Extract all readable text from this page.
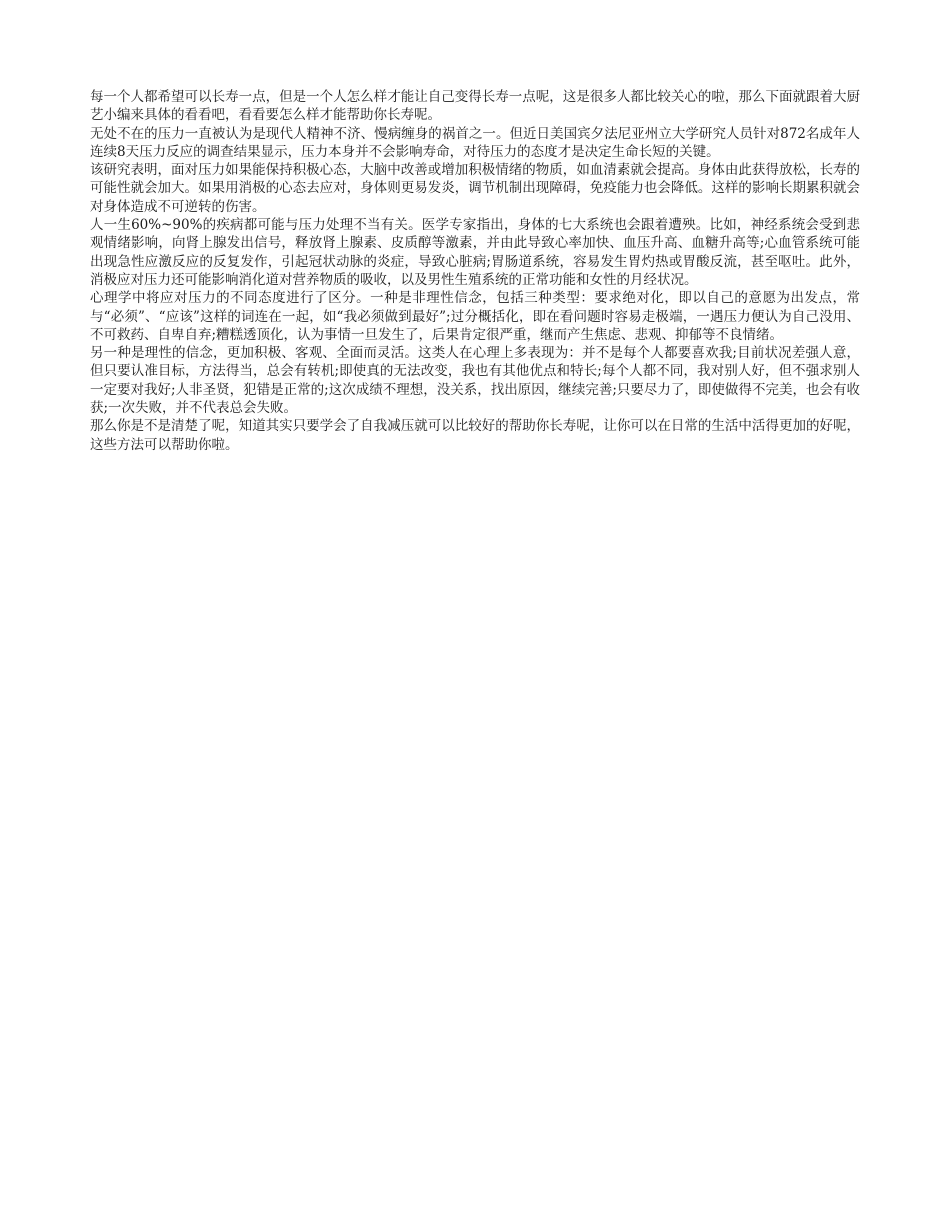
每一个人都希望可以长寿一点，但是一个人怎么样才能让自己变得长寿一点呢，这是很多人都比较关心的啦，那么下面就跟着大厨艺小编来具体的看看吧，看看要怎么样才能帮助你长寿呢。

无处不在的压力一直被认为是现代人精神不济、慢病缠身的祸首之一。但近日美国宾夕法尼亚州立大学研究人员针对872名成年人连续8天压力反应的调查结果显示，压力本身并不会影响寿命，对待压力的态度才是决定生命长短的关键。

该研究表明，面对压力如果能保持积极心态，大脑中改善或增加积极情绪的物质，如血清素就会提高。身体由此获得放松，长寿的可能性就会加大。如果用消极的心态去应对，身体则更易发炎，调节机制出现障碍，免疫能力也会降低。这样的影响长期累积就会对身体造成不可逆转的伤害。

人一生60%~90%的疾病都可能与压力处理不当有关。医学专家指出，身体的七大系统也会跟着遭殃。比如，神经系统会受到悲观情绪影响，向肾上腺发出信号，释放肾上腺素、皮质醇等激素，并由此导致心率加快、血压升高、血糖升高等;心血管系统可能出现急性应激反应的反复发作，引起冠状动脉的炎症，导致心脏病;胃肠道系统，容易发生胃灼热或胃酸反流，甚至呕吐。此外，消极应对压力还可能影响消化道对营养物质的吸收，以及男性生殖系统的正常功能和女性的月经状况。

心理学中将应对压力的不同态度进行了区分。一种是非理性信念，包括三种类型：要求绝对化，即以自己的意愿为出发点，常与“必须”、“应该”这样的词连在一起，如“我必须做到最好”;过分概括化，即在看问题时容易走极端，一遇压力便认为自己没用、不可救药、自卑自弃;糟糕透顶化，认为事情一旦发生了，后果肯定很严重，继而产生焦虑、悲观、抑郁等不良情绪。

另一种是理性的信念，更加积极、客观、全面而灵活。这类人在心理上多表现为：并不是每个人都要喜欢我;目前状况差强人意，但只要认准目标，方法得当，总会有转机;即使真的无法改变，我也有其他优点和特长;每个人都不同，我对别人好，但不强求别人一定要对我好;人非圣贤，犯错是正常的;这次成绩不理想，没关系，找出原因，继续完善;只要尽力了，即使做得不完美，也会有收获;一次失败，并不代表总会失败。

那么你是不是清楚了呢，知道其实只要学会了自我减压就可以比较好的帮助你长寿呢，让你可以在日常的生活中活得更加的好呢，这些方法可以帮助你啦。
